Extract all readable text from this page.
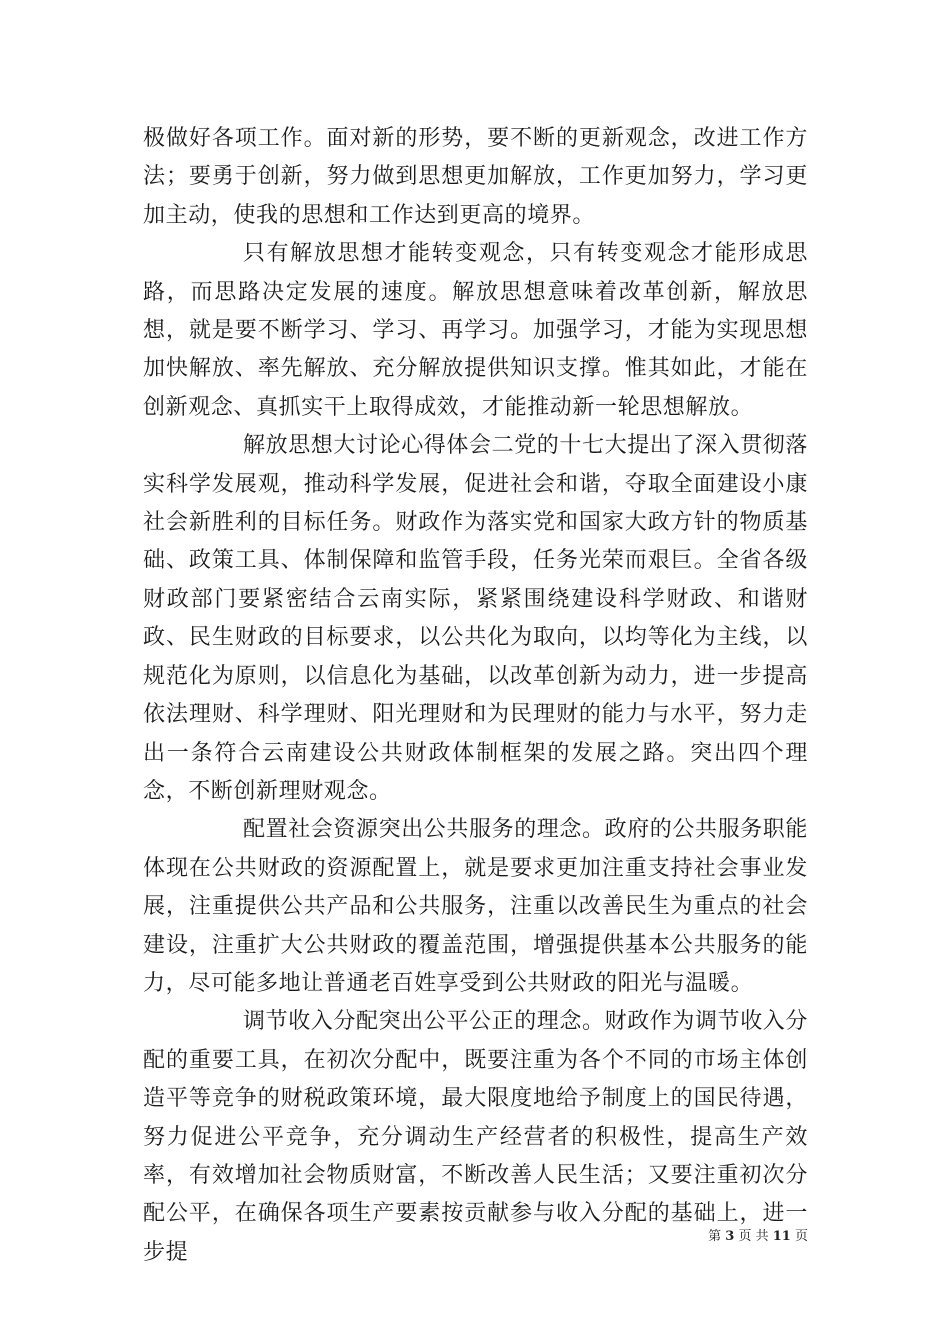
极做好各项工作。面对新的形势，要不断的更新观念，改进工作方法；要勇于创新，努力做到思想更加解放，工作更加努力，学习更加主动，使我的思想和工作达到更高的境界。

只有解放思想才能转变观念，只有转变观念才能形成思路，而思路决定发展的速度。解放思想意味着改革创新，解放思想，就是要不断学习、学习、再学习。加强学习，才能为实现思想加快解放、率先解放、充分解放提供知识支撑。惟其如此，才能在创新观念、真抓实干上取得成效，才能推动新一轮思想解放。

解放思想大讨论心得体会二党的十七大提出了深入贯彻落实科学发展观，推动科学发展，促进社会和谐，夺取全面建设小康社会新胜利的目标任务。财政作为落实党和国家大政方针的物质基础、政策工具、体制保障和监管手段，任务光荣而艰巨。全省各级财政部门要紧密结合云南实际，紧紧围绕建设科学财政、和谐财政、民生财政的目标要求，以公共化为取向，以均等化为主线，以规范化为原则，以信息化为基础，以改革创新为动力，进一步提高依法理财、科学理财、阳光理财和为民理财的能力与水平，努力走出一条符合云南建设公共财政体制框架的发展之路。突出四个理念，不断创新理财观念。

配置社会资源突出公共服务的理念。政府的公共服务职能体现在公共财政的资源配置上，就是要求更加注重支持社会事业发展，注重提供公共产品和公共服务，注重以改善民生为重点的社会建设，注重扩大公共财政的覆盖范围，增强提供基本公共服务的能力，尽可能多地让普通老百姓享受到公共财政的阳光与温暖。

调节收入分配突出公平公正的理念。财政作为调节收入分配的重要工具，在初次分配中，既要注重为各个不同的市场主体创造平等竞争的财税政策环境，最大限度地给予制度上的国民待遇，努力促进公平竞争，充分调动生产经营者的积极性，提高生产效率，有效增加社会物质财富，不断改善人民生活；又要注重初次分配公平，在确保各项生产要素按贡献参与收入分配的基础上，进一步提

第 3 页 共 11 页
